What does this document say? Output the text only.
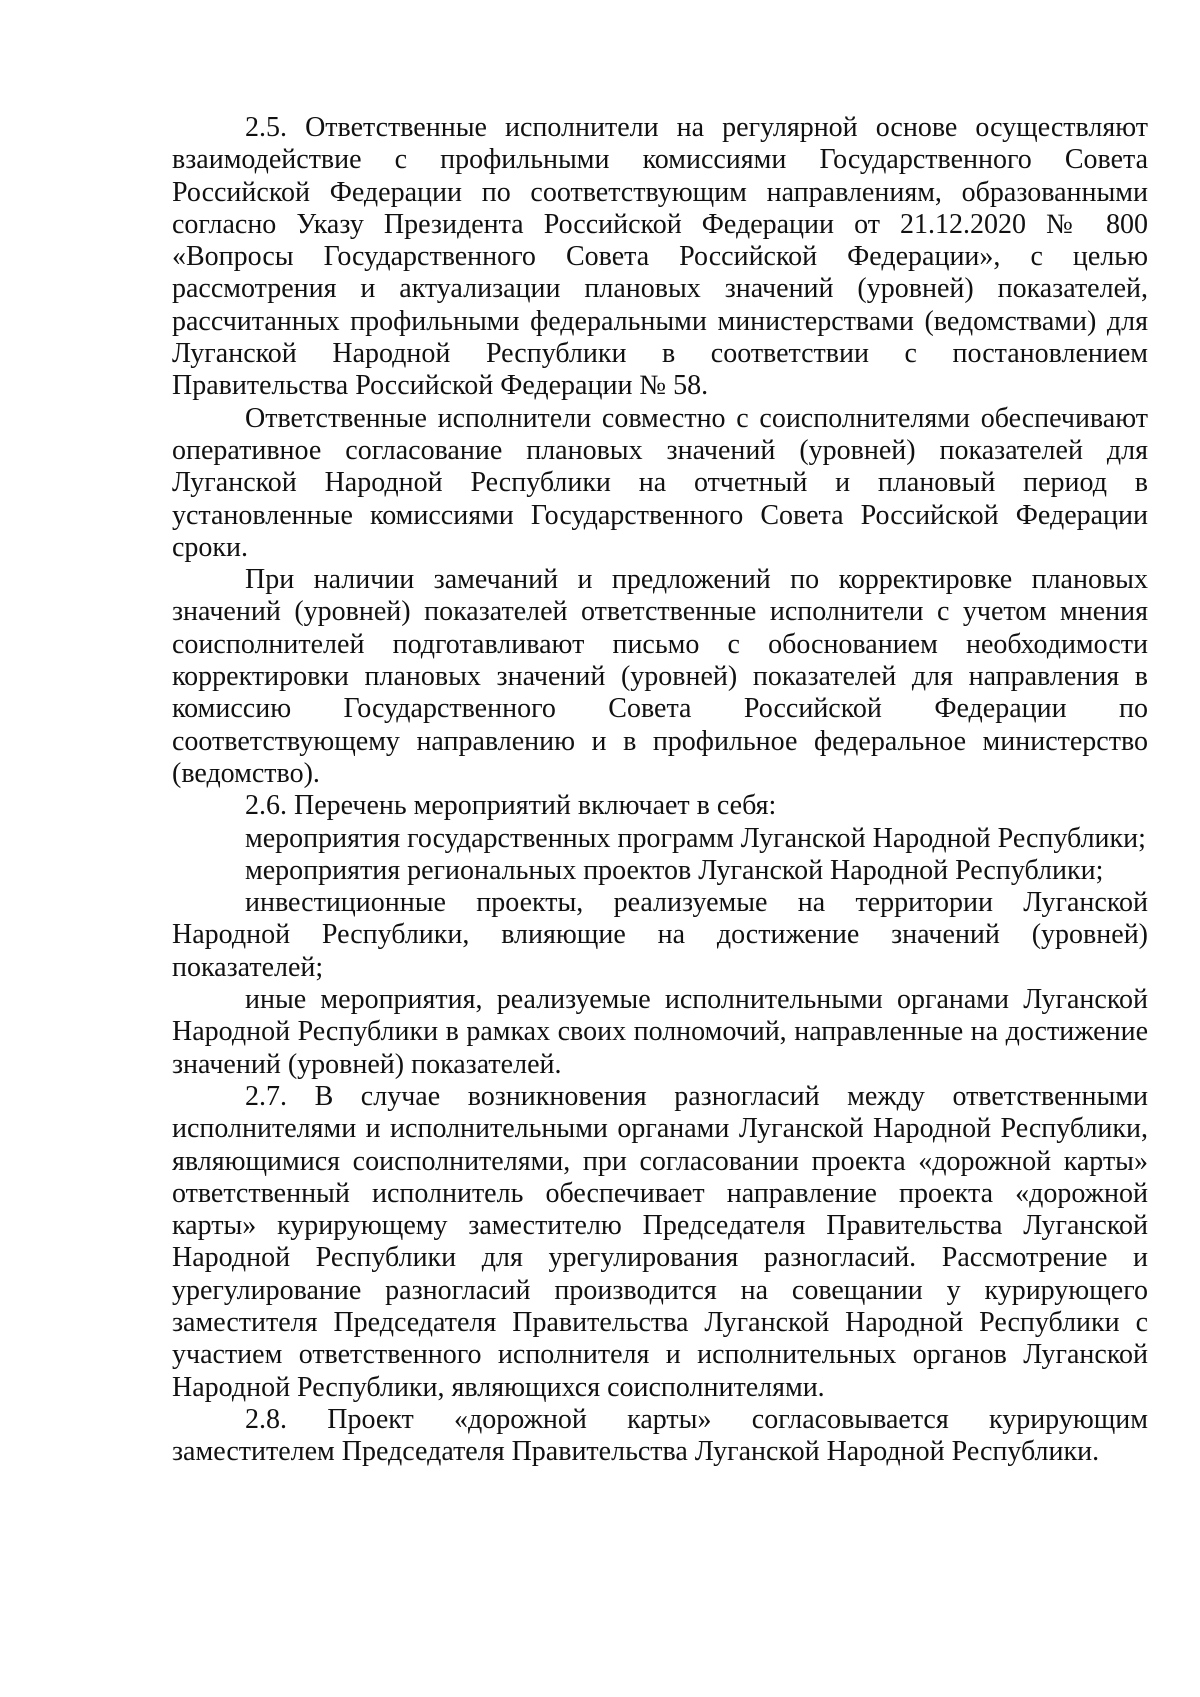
2.5. Ответственные исполнители на регулярной основе осуществляют взаимодействие с профильными комиссиями Государственного Совета Российской Федерации по соответствующим направлениям, образованными согласно Указу Президента Российской Федерации от 21.12.2020 № 800 «Вопросы Государственного Совета Российской Федерации», с целью рассмотрения и актуализации плановых значений (уровней) показателей, рассчитанных профильными федеральными министерствами (ведомствами) для Луганской Народной Республики в соответствии с постановлением Правительства Российской Федерации № 58.

Ответственные исполнители совместно с соисполнителями обеспечивают оперативное согласование плановых значений (уровней) показателей для Луганской Народной Республики на отчетный и плановый период в установленные комиссиями Государственного Совета Российской Федерации сроки.

При наличии замечаний и предложений по корректировке плановых значений (уровней) показателей ответственные исполнители с учетом мнения соисполнителей подготавливают письмо с обоснованием необходимости корректировки плановых значений (уровней) показателей для направления в комиссию Государственного Совета Российской Федерации по соответствующему направлению и в профильное федеральное министерство (ведомство).

2.6. Перечень мероприятий включает в себя:

мероприятия государственных программ Луганской Народной Республики;

мероприятия региональных проектов Луганской Народной Республики;

инвестиционные проекты, реализуемые на территории Луганской Народной Республики, влияющие на достижение значений (уровней) показателей;

иные мероприятия, реализуемые исполнительными органами Луганской Народной Республики в рамках своих полномочий, направленные на достижение значений (уровней) показателей.

2.7. В случае возникновения разногласий между ответственными исполнителями и исполнительными органами Луганской Народной Республики, являющимися соисполнителями, при согласовании проекта «дорожной карты» ответственный исполнитель обеспечивает направление проекта «дорожной карты» курирующему заместителю Председателя Правительства Луганской Народной Республики для урегулирования разногласий. Рассмотрение и урегулирование разногласий производится на совещании у курирующего заместителя Председателя Правительства Луганской Народной Республики с участием ответственного исполнителя и исполнительных органов Луганской Народной Республики, являющихся соисполнителями.

2.8. Проект «дорожной карты» согласовывается курирующим заместителем Председателя Правительства Луганской Народной Республики.
